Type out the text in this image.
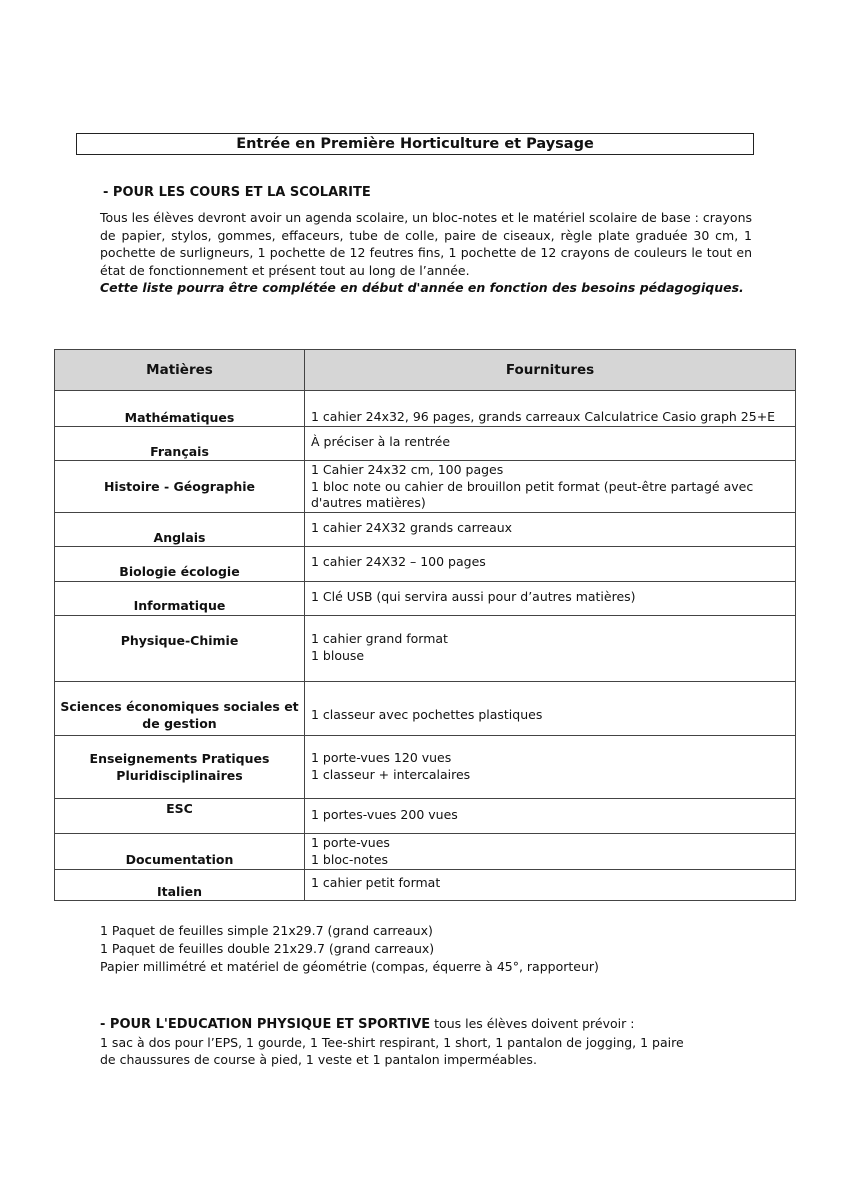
Entrée en Première Horticulture et Paysage
- POUR LES COURS ET LA SCOLARITE

Tous les élèves devront avoir un agenda scolaire, un bloc-notes et le matériel scolaire de base : crayons de papier, stylos, gommes, effaceurs, tube de colle, paire de ciseaux, règle plate graduée 30 cm, 1 pochette de surligneurs, 1 pochette de 12 feutres fins, 1 pochette de 12 crayons de couleurs le tout en état de fonctionnement et présent tout au long de l’année.

Cette liste pourra être complétée en début d'année en fonction des besoins pédagogiques.

Matières	Fournitures
Mathématiques	1 cahier 24x32, 96 pages, grands carreaux Calculatrice Casio graph 25+E

Français	À préciser à la rentrée

Histoire - Géographie	1 Cahier 24x32 cm, 100 pages
1 bloc note ou cahier de brouillon petit format (peut-être partagé avec d'autres matières)

Anglais	1 cahier 24X32 grands carreaux

Biologie écologie	1 cahier 24X32 – 100 pages

Informatique	1 Clé USB (qui servira aussi pour d’autres matières)

Physique-Chimie	1 cahier grand format
1 blouse

Sciences économiques sociales et de gestion	1 classeur avec pochettes plastiques

Enseignements Pratiques Pluridisciplinaires	1 porte-vues 120 vues
1 classeur + intercalaires

ESC	1 portes-vues 200 vues

Documentation	1 porte-vues
1 bloc-notes

Italien	1 cahier petit format
1 Paquet de feuilles simple 21x29.7 (grand carreaux)
1 Paquet de feuilles double 21x29.7 (grand carreaux)
Papier millimétré et matériel de géométrie (compas, équerre à 45°, rapporteur)

- POUR L'EDUCATION PHYSIQUE ET SPORTIVE tous les élèves doivent prévoir :

1 sac à dos pour l’EPS, 1 gourde, 1 Tee-shirt respirant, 1 short, 1 pantalon de jogging, 1 paire de chaussures de course à pied, 1 veste et 1 pantalon imperméables.
